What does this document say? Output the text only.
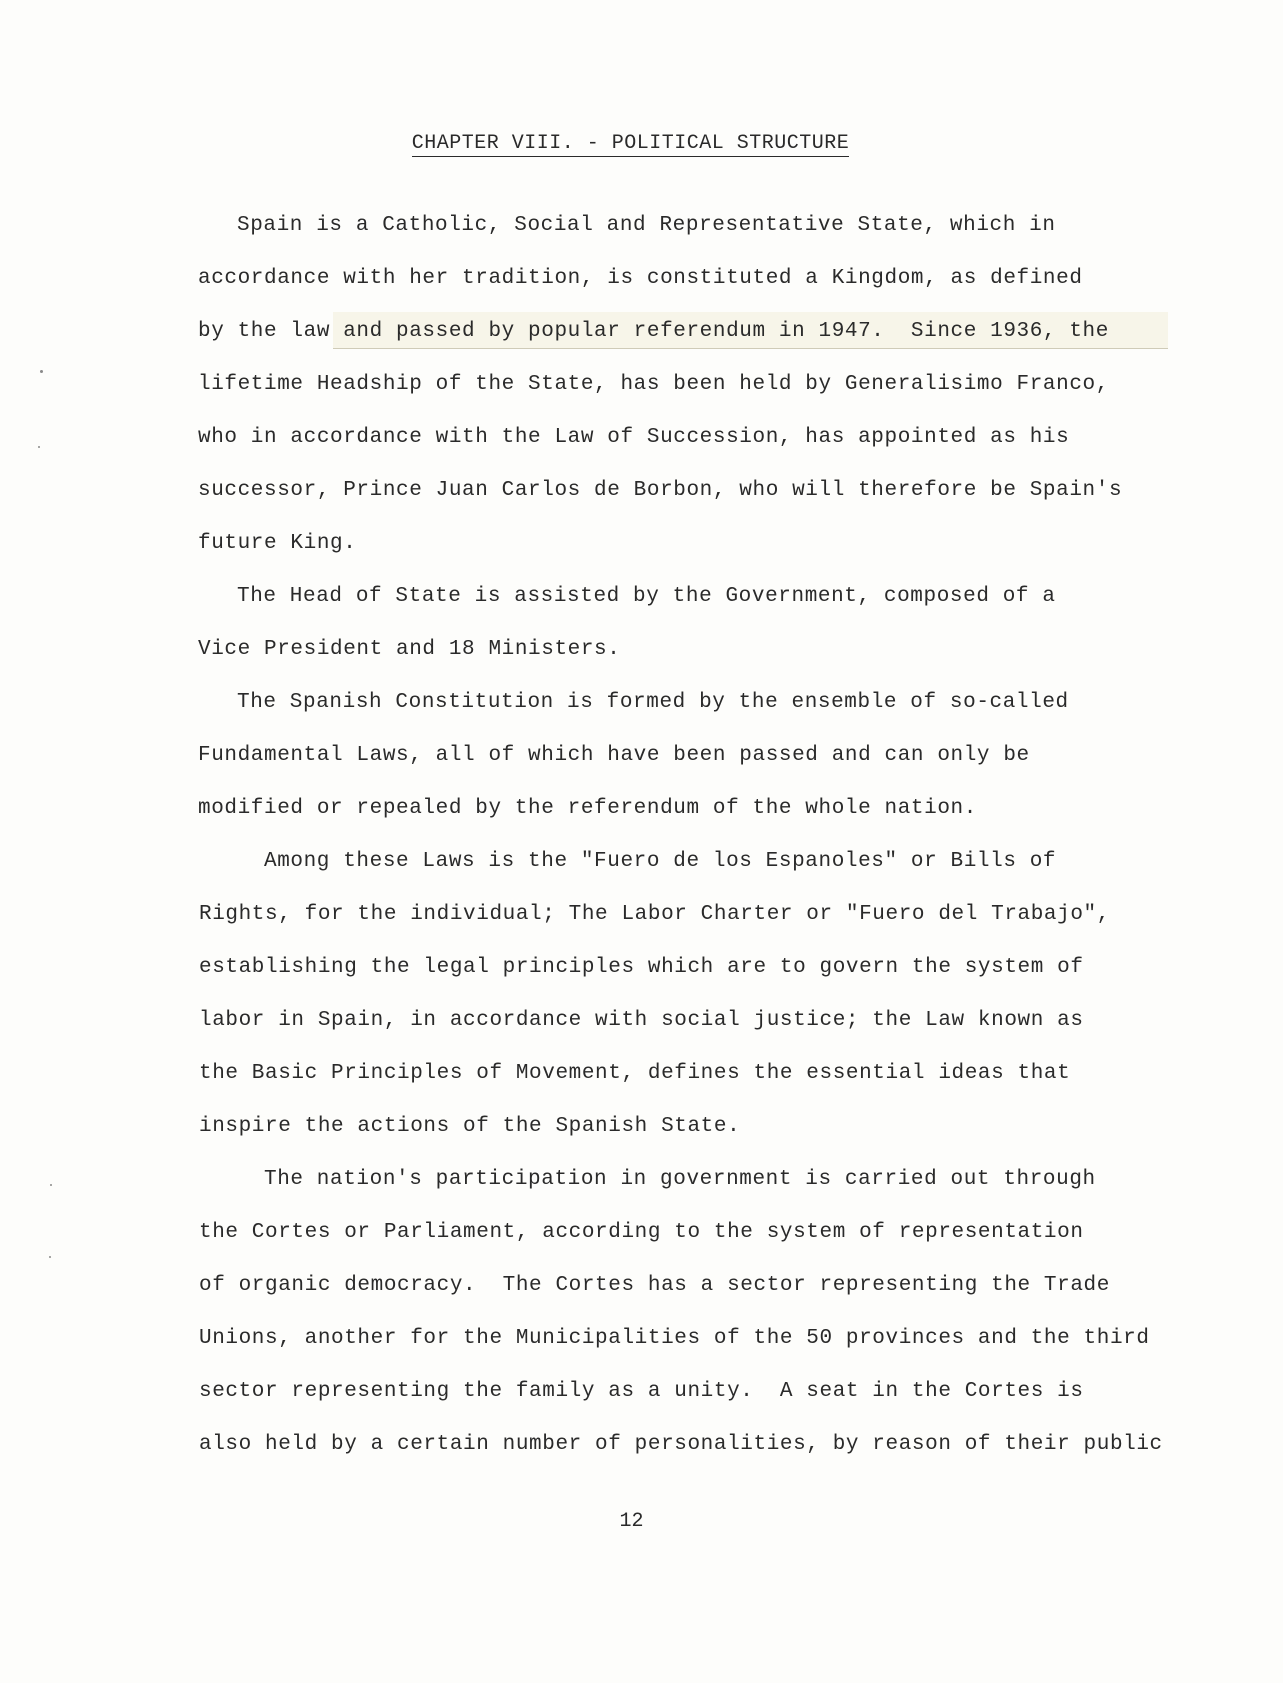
CHAPTER VIII. - POLITICAL STRUCTURE
Spain is a Catholic, Social and Representative State, which in
accordance with her tradition, is constituted a Kingdom, as defined
by the law and passed by popular referendum in 1947.  Since 1936, the
lifetime Headship of the State, has been held by Generalisimo Franco,
who in accordance with the Law of Succession, has appointed as his
successor, Prince Juan Carlos de Borbon, who will therefore be Spain's
future King.
The Head of State is assisted by the Government, composed of a
Vice President and 18 Ministers.
The Spanish Constitution is formed by the ensemble of so-called
Fundamental Laws, all of which have been passed and can only be
modified or repealed by the referendum of the whole nation.
Among these Laws is the "Fuero de los Espanoles" or Bills of
Rights, for the individual; The Labor Charter or "Fuero del Trabajo",
establishing the legal principles which are to govern the system of
labor in Spain, in accordance with social justice; the Law known as
the Basic Principles of Movement, defines the essential ideas that
inspire the actions of the Spanish State.
The nation's participation in government is carried out through
the Cortes or Parliament, according to the system of representation
of organic democracy.  The Cortes has a sector representing the Trade
Unions, another for the Municipalities of the 50 provinces and the third
sector representing the family as a unity.  A seat in the Cortes is
also held by a certain number of personalities, by reason of their public
12
